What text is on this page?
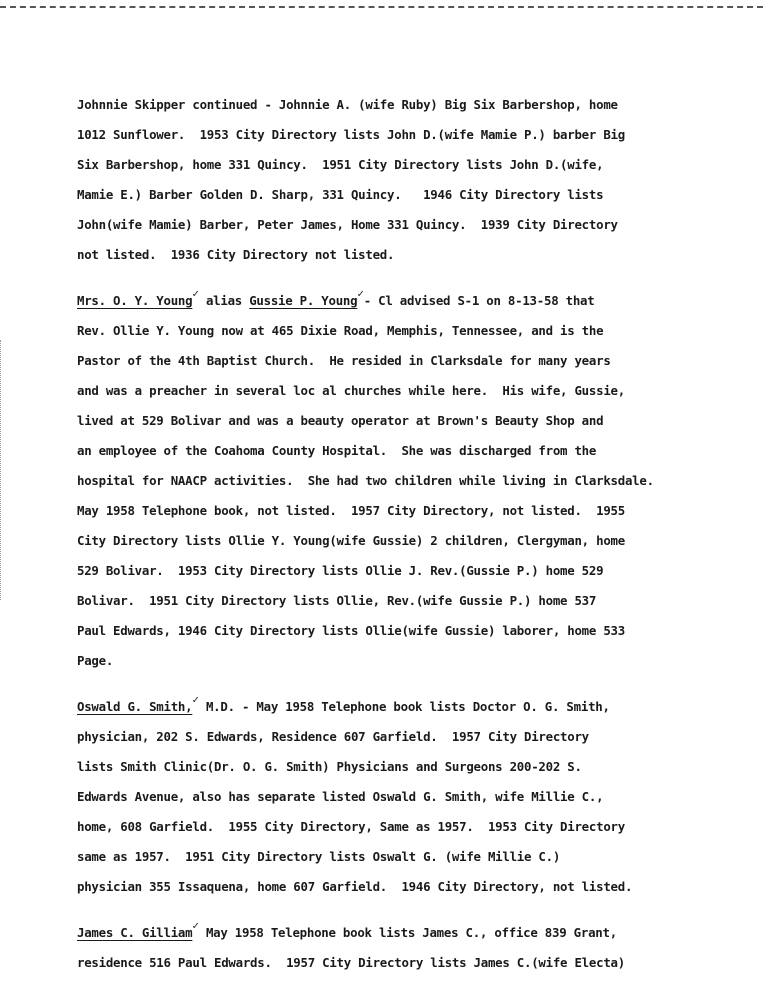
Johnnie Skipper continued - Johnnie A. (wife Ruby) Big Six Barbershop, home
1012 Sunflower.  1953 City Directory lists John D.(wife Mamie P.) barber Big
Six Barbershop, home 331 Quincy.  1951 City Directory lists John D.(wife,
Mamie E.) Barber Golden D. Sharp, 331 Quincy.   1946 City Directory lists
John(wife Mamie) Barber, Peter James, Home 331 Quincy.  1939 City Directory
not listed.  1936 City Directory not listed.
Mrs. O. Y. Young✓ alias Gussie P. Young✓- Cl advised S-1 on 8-13-58 that
Rev. Ollie Y. Young now at 465 Dixie Road, Memphis, Tennessee, and is the
Pastor of the 4th Baptist Church.  He resided in Clarksdale for many years
and was a preacher in several loc al churches while here.  His wife, Gussie,
lived at 529 Bolivar and was a beauty operator at Brown's Beauty Shop and
an employee of the Coahoma County Hospital.  She was discharged from the
hospital for NAACP activities.  She had two children while living in Clarksdale.
May 1958 Telephone book, not listed.  1957 City Directory, not listed.  1955
City Directory lists Ollie Y. Young(wife Gussie) 2 children, Clergyman, home
529 Bolivar.  1953 City Directory lists Ollie J. Rev.(Gussie P.) home 529
Bolivar.  1951 City Directory lists Ollie, Rev.(wife Gussie P.) home 537
Paul Edwards, 1946 City Directory lists Ollie(wife Gussie) laborer, home 533
Page.
Oswald G. Smith,✓ M.D. - May 1958 Telephone book lists Doctor O. G. Smith,
physician, 202 S. Edwards, Residence 607 Garfield.  1957 City Directory
lists Smith Clinic(Dr. O. G. Smith) Physicians and Surgeons 200-202 S.
Edwards Avenue, also has separate listed Oswald G. Smith, wife Millie C.,
home, 608 Garfield.  1955 City Directory, Same as 1957.  1953 City Directory
same as 1957.  1951 City Directory lists Oswalt G. (wife Millie C.)
physician 355 Issaquena, home 607 Garfield.  1946 City Directory, not listed.
James C. Gilliam✓ May 1958 Telephone book lists James C., office 839 Grant,
residence 516 Paul Edwards.  1957 City Directory lists James C.(wife Electa)
